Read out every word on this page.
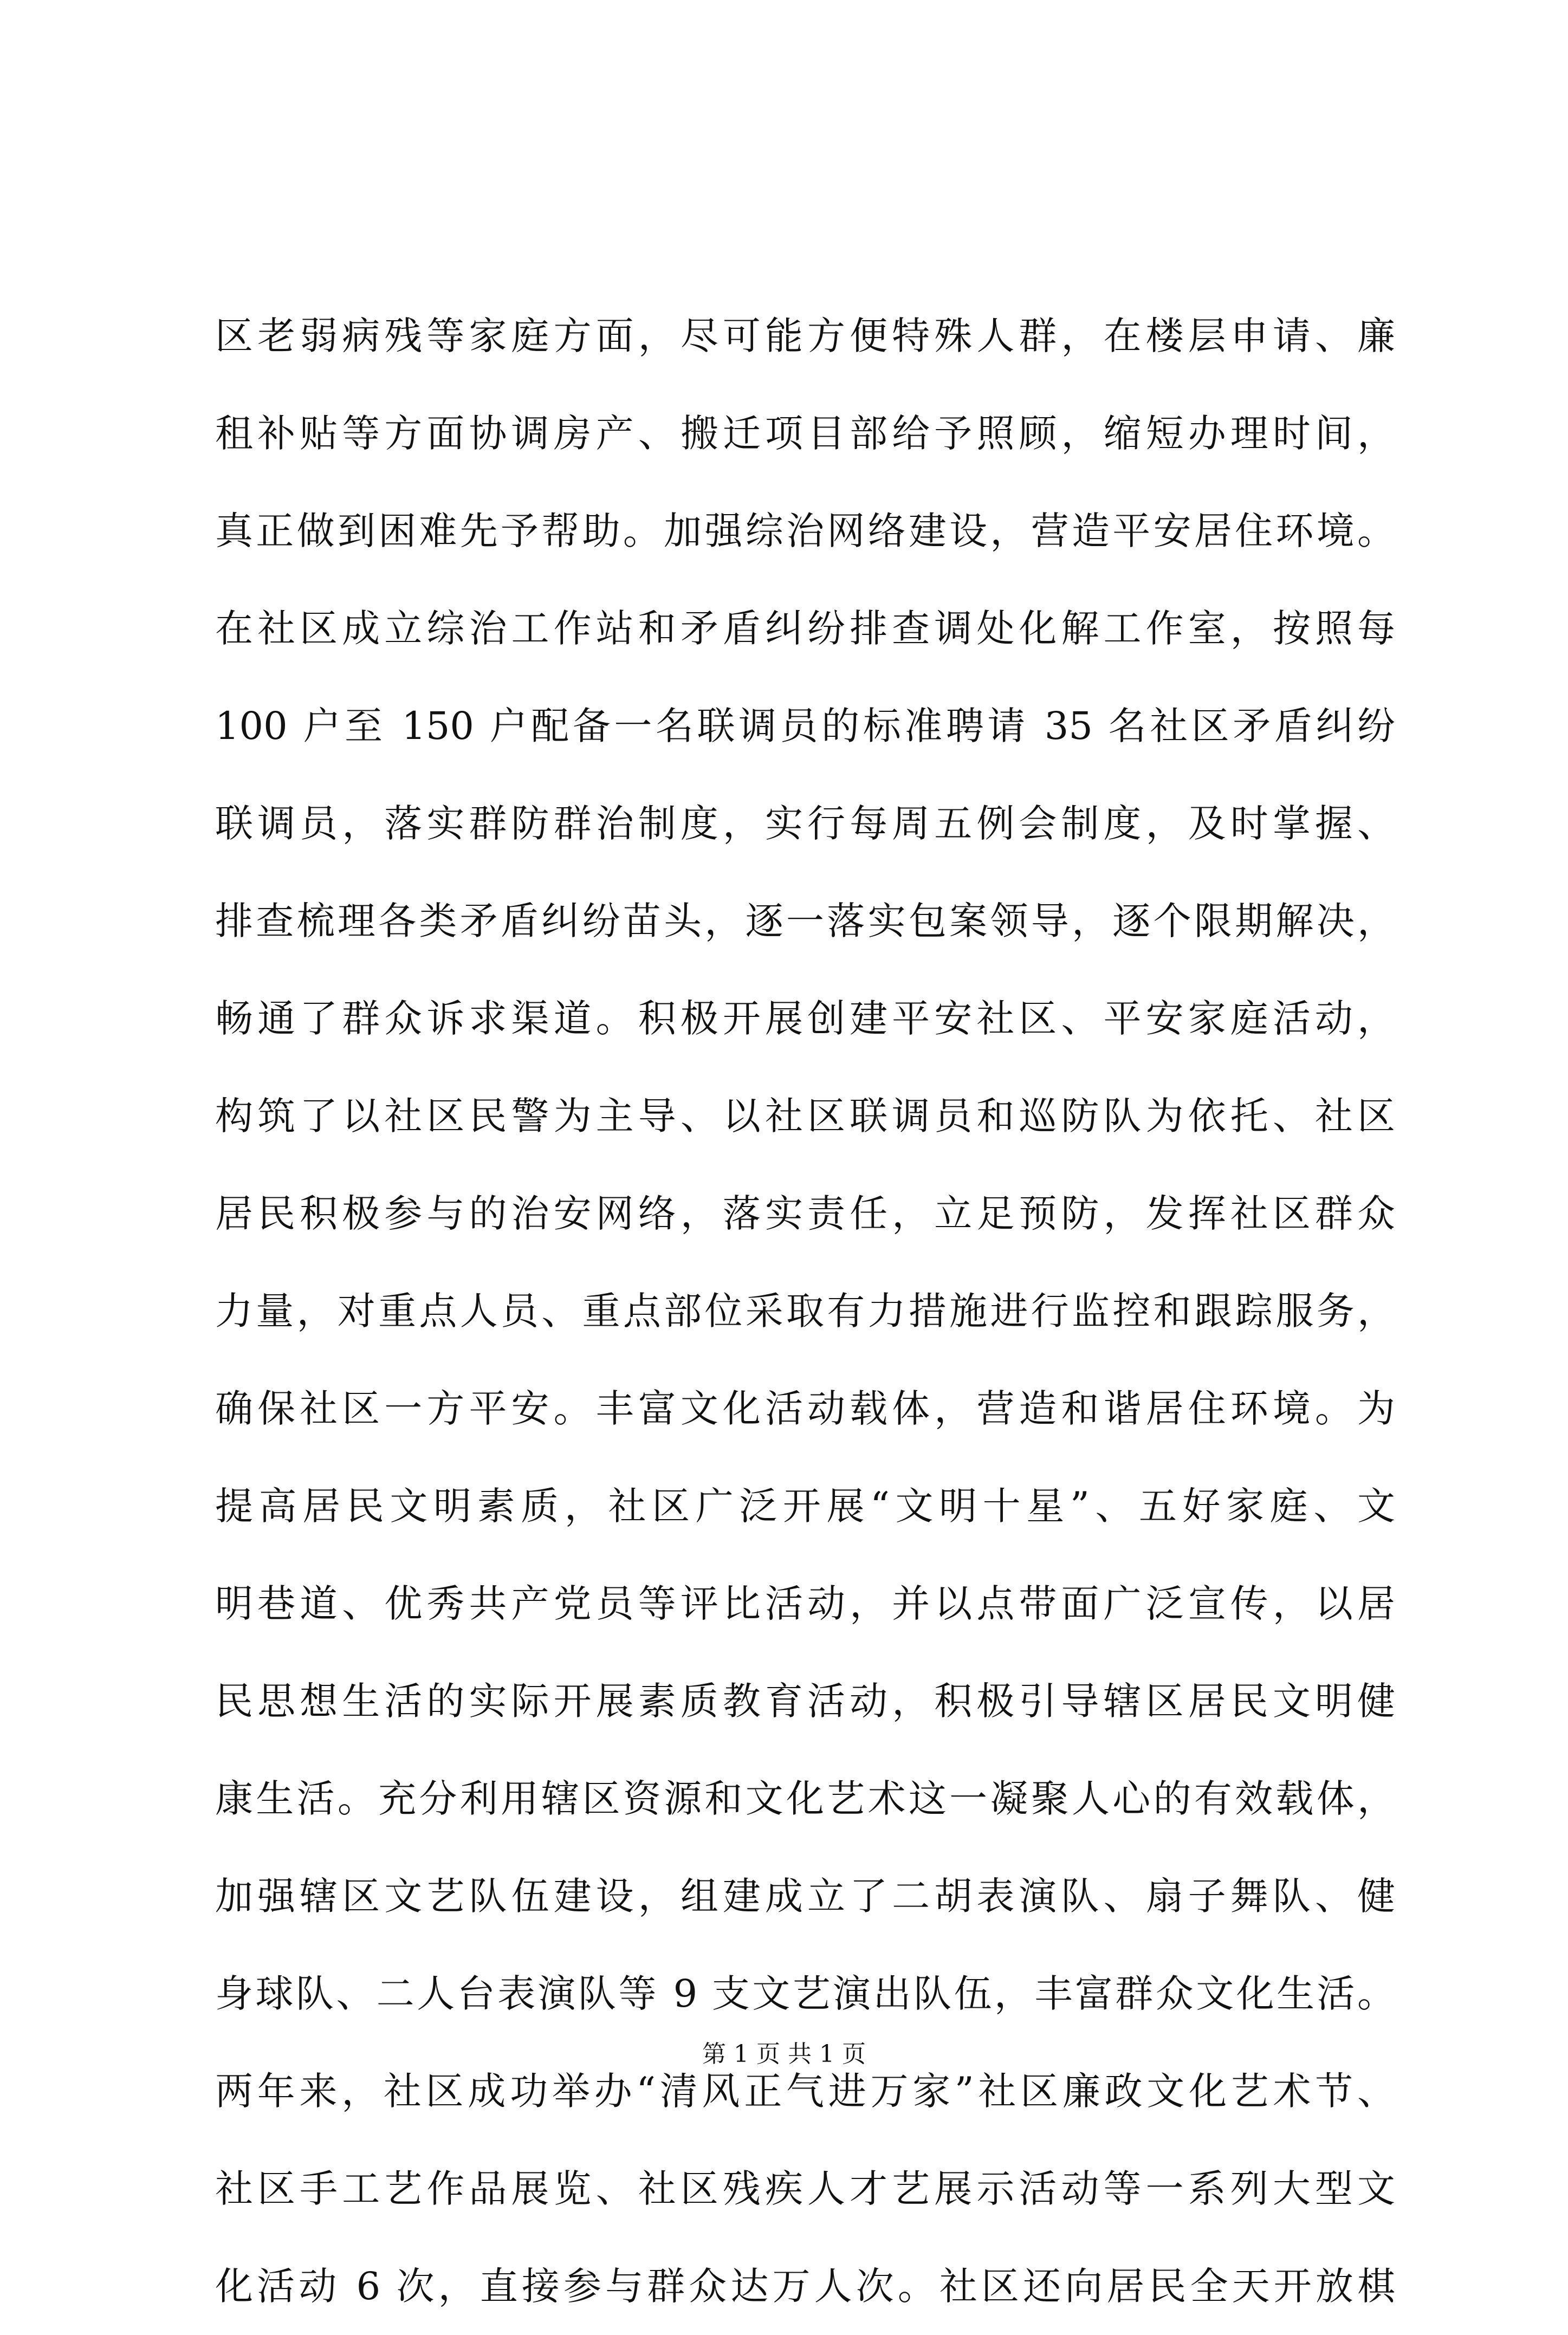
区老弱病残等家庭方面，尽可能方便特殊人群，在楼层申请、廉
租补贴等方面协调房产、搬迁项目部给予照顾，缩短办理时间，
真正做到困难先予帮助。加强综治网络建设，营造平安居住环境。
在社区成立综治工作站和矛盾纠纷排查调处化解工作室，按照每
100 户至 150 户配备一名联调员的标准聘请 35 名社区矛盾纠纷
联调员，落实群防群治制度，实行每周五例会制度，及时掌握、
排查梳理各类矛盾纠纷苗头，逐一落实包案领导，逐个限期解决，
畅通了群众诉求渠道。积极开展创建平安社区、平安家庭活动，
构筑了以社区民警为主导、以社区联调员和巡防队为依托、社区
居民积极参与的治安网络，落实责任，立足预防，发挥社区群众
力量，对重点人员、重点部位采取有力措施进行监控和跟踪服务，
确保社区一方平安。丰富文化活动载体，营造和谐居住环境。为
提高居民文明素质，社区广泛开展“文明十星”、五好家庭、文
明巷道、优秀共产党员等评比活动，并以点带面广泛宣传，以居
民思想生活的实际开展素质教育活动，积极引导辖区居民文明健
康生活。充分利用辖区资源和文化艺术这一凝聚人心的有效载体，
加强辖区文艺队伍建设，组建成立了二胡表演队、扇子舞队、健
身球队、二人台表演队等 9 支文艺演出队伍，丰富群众文化生活。
两年来，社区成功举办“清风正气进万家”社区廉政文化艺术节、
社区手工艺作品展览、社区残疾人才艺展示活动等一系列大型文
化活动 6 次，直接参与群众达万人次。社区还向居民全天开放棋
第 1 页 共 1 页
